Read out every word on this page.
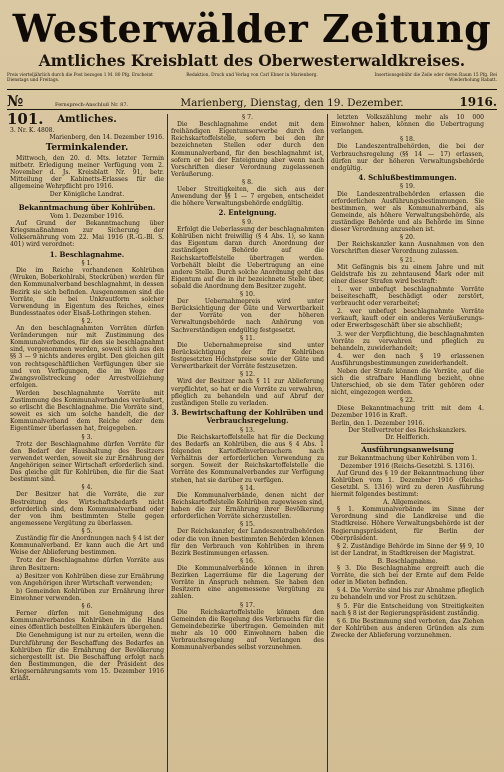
Westerwälder Zeitung
Amtliches Kreisblatt des Oberwesterwaldkreises.
Preis vierteljährlich durch die Post bezogen 1 M. 80 Pfg. Erscheint Dienstags und Freitags.
Redaktion, Druck und Verlag von Carl Ebner in Marienberg.	Insertionsgebühr die Zeile oder deren Raum 15 Pfg. Bei Wiederholung Rabatt.
№ 101.
Fernsprech-Anschluß Nr. 87.	Marienberg, Dienstag, den 19. Dezember.	1916.
Amtliches.
3. Nr. K. 4808.
Marienberg, den 14. Dezember 1916.
Terminkalender.

Mittwoch, den 20. d. Mts. letzter Termin mitbetr. Erledigung meiner Verfügung vom 2. November d. Js. Kreisblatt Nr. 91, betr. Mitteilung der Kabinetts-Erlasses für die allgemeine Wehrpflicht pro 1916.

Der Königliche Landrat.
Bekanntmachung über Kohlrüben.
Vom 1. Dezember 1916.

Auf Grund der Bekanntmachung über Kriegsmaßnahmen zur Sicherung der Volksernährung vom 22. Mai 1916 (R.-G.-Bl. S. 401) wird verordnet:

1. Beschlagnahme.
§ 1.

Die im Reiche vorhandenen Kohlrüben (Wruken, Boberkohlrabi, Steckrüben) werden für den Kommunalverband beschlagnahmt, in dessen Bezirk sie sich befinden. Ausgenommen sind die Vorräte, die bei Unkrautform solcher Verwendung in Eigentum des Reiches, eines Bundesstaates oder Elsaß-Lothringen stehen.

§ 2.

An den beschlagnahmten Vorräten dürfen Veränderungen nur mit Zustimmung des Kommunalverbandes, für den sie beschlagnahmt sind, vorgenommen werden, soweit sich aus den §§ 3 — 9 nichts anderes ergibt. Den gleichen gilt von rechtsgeschäftlichen Verfügungen über sie und von Verfügungen, die im Wege der Zwangsvollstreckung oder Arrestvollziehung erfolgen.

Werden beschlagnahmte Vorräte mit Zustimmung des Kommunalverbandes veräußert, so erlischt die Beschlagnahme. Die Vorräte sind, soweit es sich um solche handelt, die der Kommunalverband dem Reiche oder dem Eigentümer überlassen hat, freigegeben.

§ 3.

Trotz der Beschlagnahme dürfen Vorräte für den Bedarf der Haushaltung des Besitzers verwendet werden, soweit sie zur Ernährung der Angehörigen seiner Wirtschaft erforderlich sind. Das gleiche gilt für Kohlrüben, die für die Saat bestimmt sind.

§ 4.

Der Besitzer hat die Vorräte, die zur Bestreitung des Wirtschaftsbedarfs nicht erforderlich sind, dem Kommunalverband oder der von ihm bestimmten Stelle gegen angemessene Vergütung zu überlassen.

§ 5.

Zuständig für die Anordnungen nach § 4 ist der Kommunalverband. Er kann auch die Art und Weise der Ablieferung bestimmen.

Trotz der Beschlagnahme dürfen Vorräte aus ihren Besitzern:

a) Besitzer von Kohlrüben diese zur Ernährung von Angehörigen ihrer Wirtschaft verwenden;

b) Gemeinden Kohlrüben zur Ernährung ihrer Einwohner verwenden.

§ 6.

Ferner dürfen mit Genehmigung des Kommunalverbandes Kohlrüben in die Hand eines öffentlich bestellten Einkäufers übergehen.

Die Genehmigung ist nur zu erteilen, wenn die Durchführung der Beschaffung des Bedarfes an Kohlrüben für die Ernährung der Bevölkerung sichergestellt ist. Die Beschaffung erfolgt nach den Bestimmungen, die der Präsident des Kriegsernährungsamts vom 15. Dezember 1916 erläßt.

§ 7.

Die Beschlagnahme endet mit dem freihändigen Eigentumserwerbe durch den Reichskartoffelstelle, sofern bei den ihr bezeichneten Stellen oder durch den Kommunalverband, für den beschlagnahmt ist, sofern er bei der Enteignung aber wenn nach Vorschriften dieser Verordnung zugelassenen Veräußerung.

§ 8.

Ueber Streitigkeiten, die sich aus der Anwendung der §§ 1 — 7 ergeben, entscheidet die höhere Verwaltungsbehörde endgültig.

2. Enteignung.
§ 9.

Erfolgt die Ueberlassung der beschlagnahmten Kohlrüben nicht freiwillig (§ 4 Abs. 1), so kann das Eigentum daran durch Anordnung der zuständigen Behörde auf die Reichskartoffelstelle übertragen werden. Vorbehält bleibt die Uebertragung an eine andere Stelle. Durch solche Anordnung geht das Eigentum auf die in ihr bezeichnete Stelle über, sobald die Anordnung dem Besitzer zugeht.

§ 10.

Der Uebernahmepreis wird unter Berücksichtigung der Güte und Verwertbarkeit der Vorräte von der höheren Verwaltungsbehörde nach Anhörung von Sachverständigen endgültig festgesetzt.

§ 11.

Die Uebernahmepreise sind unter Berücksichtigung der für Kohlrüben festgesetzten Höchstpreise sowie der Güte und Verwertbarkeit der Vorräte festzusetzen.

§ 12.

Wird der Besitzer nach § 11 zur Ablieferung verpflichtet, so hat er die Vorräte zu verwahren, pfleglich zu behandeln und auf Abruf der zuständigen Stelle zu verladen.

3. Bewirtschaftung der Kohlrüben und Verbrauchsregelung.
§ 13.

Die Reichskartoffelstelle hat für die Deckung des Bedarfs an Kohlrüben, die aus § 4 Abs. 1 folgenden Kartoffelnverbrauchern nach Verhältnis der erforderlichen Verwendung zu sorgen. Soweit der Reichskartoffelstelle die Vorräte des Kommunalverbandes zur Verfügung stehen, hat sie darüber zu verfügen.

§ 14.

Die Kommunalverbände, denen nicht der Reichskartoffelstelle Kohlrüben zugewiesen sind, haben die zur Ernährung ihrer Bevölkerung erforderlichen Vorräte sicherzustellen.

§ 15.

Der Reichskanzler, der Landeszentralbehörden oder die von ihnen bestimmten Behörden können für den Verbrauch von Kohlrüben in ihrem Bezirk Bestimmungen erlassen.

§ 16.

Die Kommunalverbände können in ihren Bezirken Lagerräume für die Lagerung der Vorräte in Anspruch nehmen. Sie haben den Besitzern eine angemessene Vergütung zu zahlen.

§ 17.

Die Reichskartoffelstelle können den Gemeinden die Regelung des Verbrauchs für die Gemeindebezirke übertragen. Gemeinden mit mehr als 10 000 Einwohnern haben die Verbrauchsregelung auf Verlangen des Kommunalverbandes selbst vorzunehmen.

letzten Volkszählung mehr als 10 000 Einwohner haben, können die Uebertragung verlangen.

§ 18.

Die Landeszentralbehörden, die bei der Verbrauchsregelung (§§ 14 — 17) erlassen, dürfen nur der höheren Verwaltungsbehörde endgültig.

4. Schlußbestimmungen.
§ 19.

Die Landeszentralbehörden erlassen die erforderlichen Ausführungsbestimmungen. Sie bestimmen, wer als Kommunalverband, als Gemeinde, als höhere Verwaltungsbehörde, als zuständige Behörde und als Behörde im Sinne dieser Verordnung anzusehen ist.

§ 20.

Der Reichskanzler kann Ausnahmen von den Vorschriften dieser Verordnung zulassen.

§ 21.

Mit Gefängnis bis zu einem Jahre und mit Geldstrafe bis zu zehntausend Mark oder mit einer dieser Strafen wird bestraft:

1. wer unbefugt beschlagnahmte Vorräte beiseiteschafft, beschädigt oder zerstört, verbraucht oder verarbeitet;

2. wer unbefugt beschlagnahmte Vorräte verkauft, kauft oder ein anderes Veräußerungs- oder Erwerbsgeschäft über sie abschließt;

3. wer der Verpflichtung, die beschlagnahmten Vorräte zu verwahren und pfleglich zu behandeln, zuwiderhandelt;

4. wer den nach § 19 erlassenen Ausführungsbestimmungen zuwiderhandelt.

Neben der Strafe können die Vorräte, auf die sich die strafbare Handlung bezieht, ohne Unterschied, ob sie dem Täter gehören oder nicht, eingezogen werden.

§ 22.

Diese Bekanntmachung tritt mit dem 4. Dezember 1916 in Kraft.

Berlin, den 1. Dezember 1916.
Der Stellvertreter des Reichskanzlers.
Dr. Helfferich.
Ausführungsanweisung
zur Bekanntmachung über Kohlrüben vom 1. Dezember 1916 (Reichs-Gesetzbl. S. 1316).

Auf Grund des § 19 der Bekanntmachung über Kohlrüben vom 1. Dezember 1916 (Reichs-Gesetzbl. S. 1316) wird zu deren Ausführung hiermit folgendes bestimmt:

A. Allgemeines.

§ 1. Kommunalverbände im Sinne der Verordnung sind die Landkreise und die Stadtkreise. Höhere Verwaltungsbehörde ist der Regierungspräsident, für Berlin der Oberpräsident.

§ 2. Zuständige Behörde im Sinne der §§ 9, 10 ist der Landrat, in Stadtkreisen der Magistrat.

B. Beschlagnahme.

§ 3. Die Beschlagnahme ergreift auch die Vorräte, die sich bei der Ernte auf dem Felde oder in Mieten befinden.

§ 4. Die Vorräte sind bis zur Abnahme pfleglich zu behandeln und vor Frost zu schützen.

§ 5. Für die Entscheidung von Streitigkeiten nach § 8 ist der Regierungspräsident zuständig.

§ 6. Die Bestimmung sind verboten, das Ziehen der Kohlrüben aus anderen Gründen als zum Zwecke der Ablieferung vorzunehmen.
